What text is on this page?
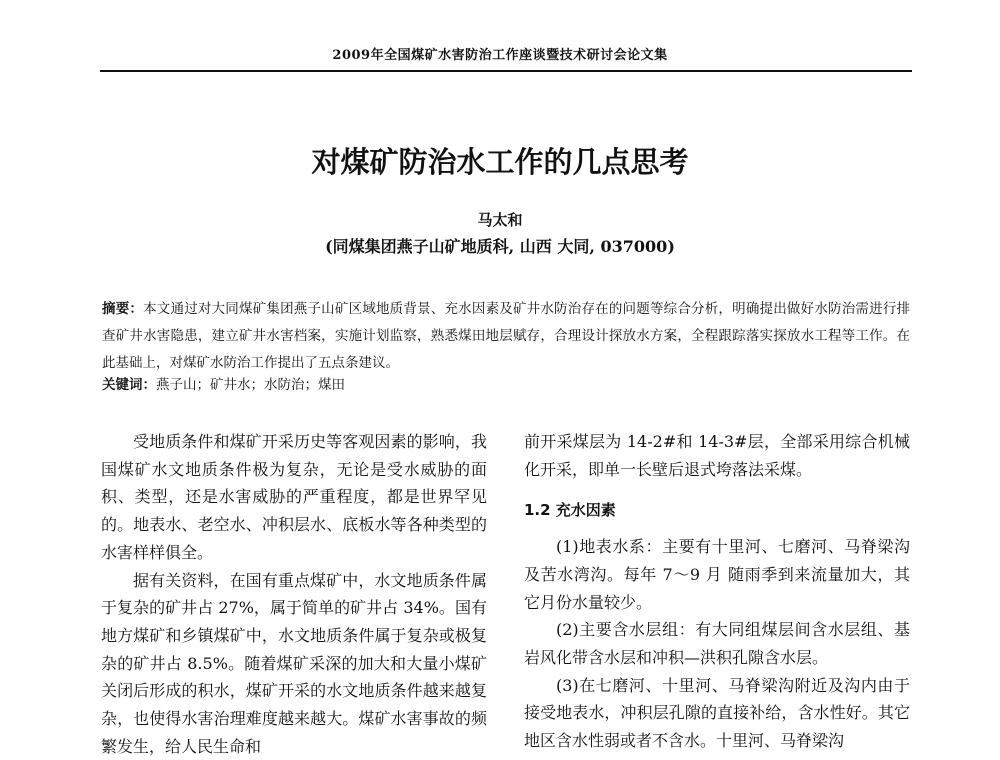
2009年全国煤矿水害防治工作座谈暨技术研讨会论文集
对煤矿防治水工作的几点思考
马太和
(同煤集团燕子山矿地质科, 山西 大同, 037000)
摘要：本文通过对大同煤矿集团燕子山矿区域地质背景、充水因素及矿井水防治存在的问题等综合分析，明确提出做好水防治需进行排查矿井水害隐患，建立矿井水害档案，实施计划监察，熟悉煤田地层赋存，合理设计探放水方案，全程跟踪落实探放水工程等工作。在此基础上，对煤矿水防治工作提出了五点条建议。
关键词：燕子山；矿井水；水防治；煤田

受地质条件和煤矿开采历史等客观因素的影响，我国煤矿水文地质条件极为复杂，无论是受水威胁的面积、类型，还是水害威胁的严重程度，都是世界罕见的。地表水、老空水、冲积层水、底板水等各种类型的水害样样俱全。

据有关资料，在国有重点煤矿中，水文地质条件属于复杂的矿井占 27%，属于简单的矿井占 34%。国有地方煤矿和乡镇煤矿中，水文地质条件属于复杂或极复杂的矿井占 8.5%。随着煤矿采深的加大和大量小煤矿关闭后形成的积水，煤矿开采的水文地质条件越来越复杂，也使得水害治理难度越来越大。煤矿水害事故的频繁发生，给人民生命和

前开采煤层为 14-2#和 14-3#层，全部采用综合机械化开采，即单一长壁后退式垮落法采煤。

1.2 充水因素

(1)地表水系：主要有十里河、七磨河、马脊梁沟及苦水湾沟。每年 7～9 月 随雨季到来流量加大，其它月份水量较少。

(2)主要含水层组：有大同组煤层间含水层组、基岩风化带含水层和冲积—洪积孔隙含水层。

(3)在七磨河、十里河、马脊梁沟附近及沟内由于接受地表水，冲积层孔隙的直接补给，含水性好。其它地区含水性弱或者不含水。十里河、马脊梁沟
